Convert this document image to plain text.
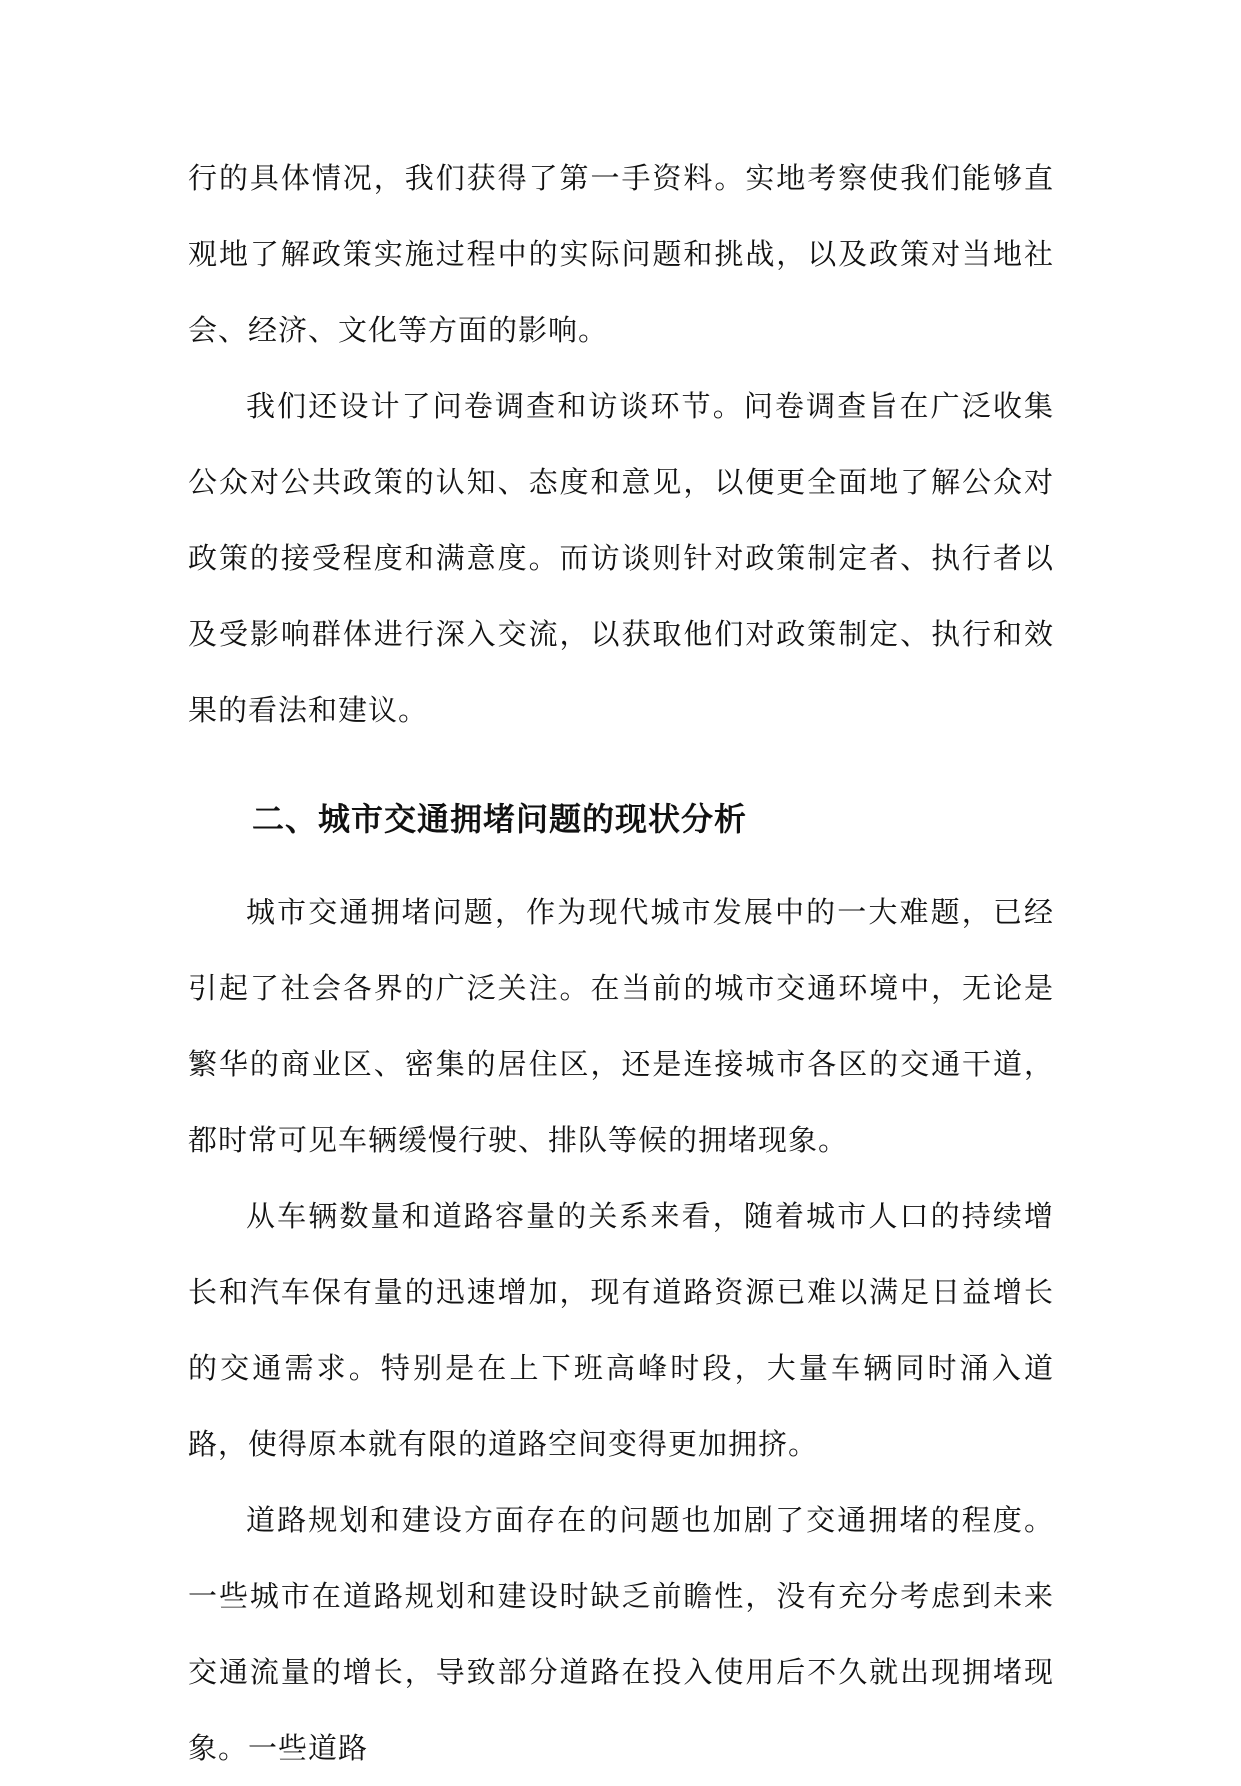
行的具体情况，我们获得了第一手资料。实地考察使我们能够直观地了解政策实施过程中的实际问题和挑战，以及政策对当地社会、经济、文化等方面的影响。

我们还设计了问卷调查和访谈环节。问卷调查旨在广泛收集公众对公共政策的认知、态度和意见，以便更全面地了解公众对政策的接受程度和满意度。而访谈则针对政策制定者、执行者以及受影响群体进行深入交流，以获取他们对政策制定、执行和效果的看法和建议。

二、城市交通拥堵问题的现状分析

城市交通拥堵问题，作为现代城市发展中的一大难题，已经引起了社会各界的广泛关注。在当前的城市交通环境中，无论是繁华的商业区、密集的居住区，还是连接城市各区的交通干道，都时常可见车辆缓慢行驶、排队等候的拥堵现象。

从车辆数量和道路容量的关系来看，随着城市人口的持续增长和汽车保有量的迅速增加，现有道路资源已难以满足日益增长的交通需求。特别是在上下班高峰时段，大量车辆同时涌入道路，使得原本就有限的道路空间变得更加拥挤。

道路规划和建设方面存在的问题也加剧了交通拥堵的程度。一些城市在道路规划和建设时缺乏前瞻性，没有充分考虑到未来交通流量的增长，导致部分道路在投入使用后不久就出现拥堵现象。一些道路
